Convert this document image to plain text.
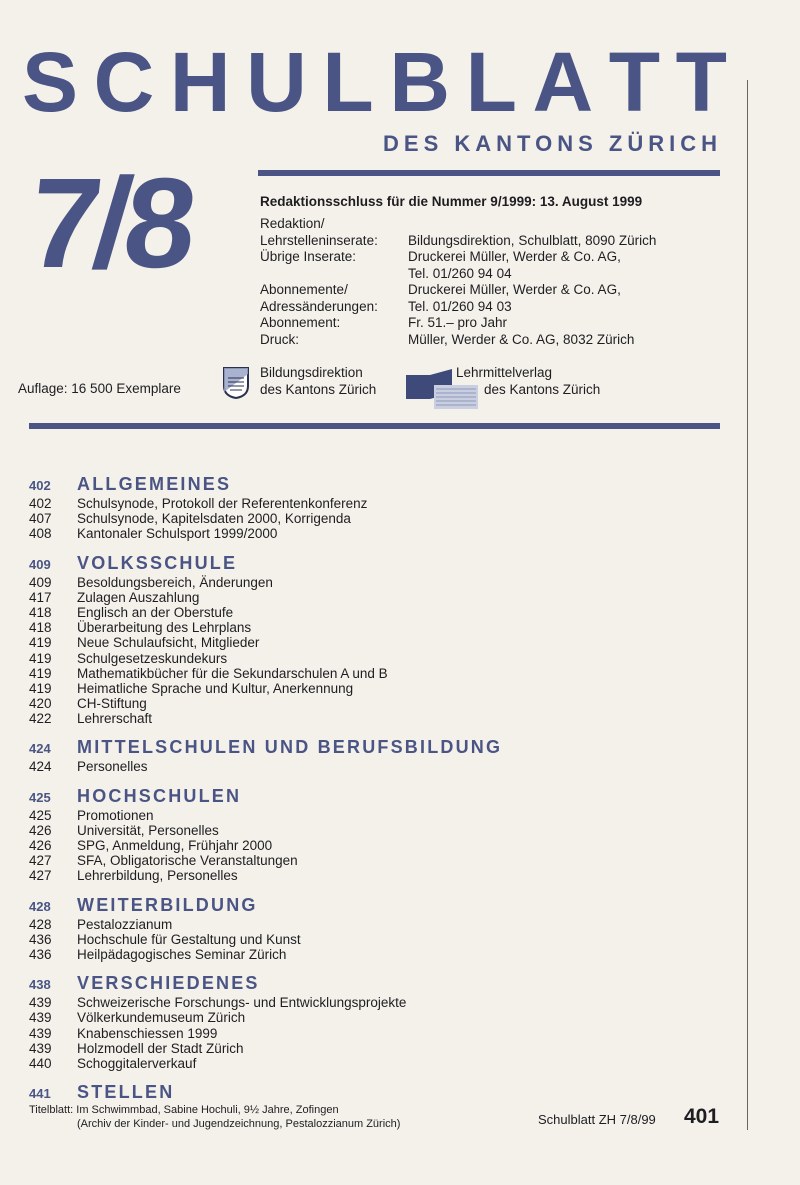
S C H U L B L A T T
DES KANTONS ZÜRICH
7/8	Redaktionsschluss für die Nummer 9/1999: 13. August 1999
Redaktion/
Lehrstelleninserate: Bildungsdirektion, Schulblatt, 8090 Zürich
Übrige Inserate:	Druckerei Müller, Werder & Co. AG,
Tel. 01/260 94 04
Abonnemente/	Druckerei Müller, Werder & Co. AG,
Adressänderungen: Tel. 01/260 94 03
Abonnement:	Fr. 51.– pro Jahr
Druck:	Müller, Werder & Co. AG, 8032 Zürich
Auflage: 16 500 Exemplare
Bildungsdirektion
des Kantons Zürich
Lehrmittelverlag
des Kantons Zürich
402	ALLGEMEINES
402	Schulsynode, Protokoll der Referentenkonferenz
407	Schulsynode, Kapitelsdaten 2000, Korrigenda
408	Kantonaler Schulsport 1999/2000
409	VOLKSSCHULE
409	Besoldungsbereich, Änderungen
417	Zulagen Auszahlung
418	Englisch an der Oberstufe
418	Überarbeitung des Lehrplans
419	Neue Schulaufsicht, Mitglieder
419	Schulgesetzeskundekurs
419	Mathematikbücher für die Sekundarschulen A und B
419	Heimatliche Sprache und Kultur, Anerkennung
420	CH-Stiftung
422	Lehrerschaft
424	MITTELSCHULEN UND BERUFSBILDUNG
424	Personelles
425	HOCHSCHULEN
425	Promotionen
426	Universität, Personelles
426	SPG, Anmeldung, Frühjahr 2000
427	SFA, Obligatorische Veranstaltungen
427	Lehrerbildung, Personelles
428	WEITERBILDUNG
428	Pestalozzianum
436	Hochschule für Gestaltung und Kunst
436	Heilpädagogisches Seminar Zürich
438	VERSCHIEDENES
439	Schweizerische Forschungs- und Entwicklungsprojekte
439	Völkerkundemuseum Zürich
439	Knabenschiessen 1999
439	Holzmodell der Stadt Zürich
440	Schoggitalerverkauf
441	STELLEN
Titelblatt: Im Schwimmbad, Sabine Hochuli, 9½ Jahre, Zofingen
(Archiv der Kinder- und Jugendzeichnung, Pestalozzianum Zürich)	Schulblatt ZH 7/8/99 401
